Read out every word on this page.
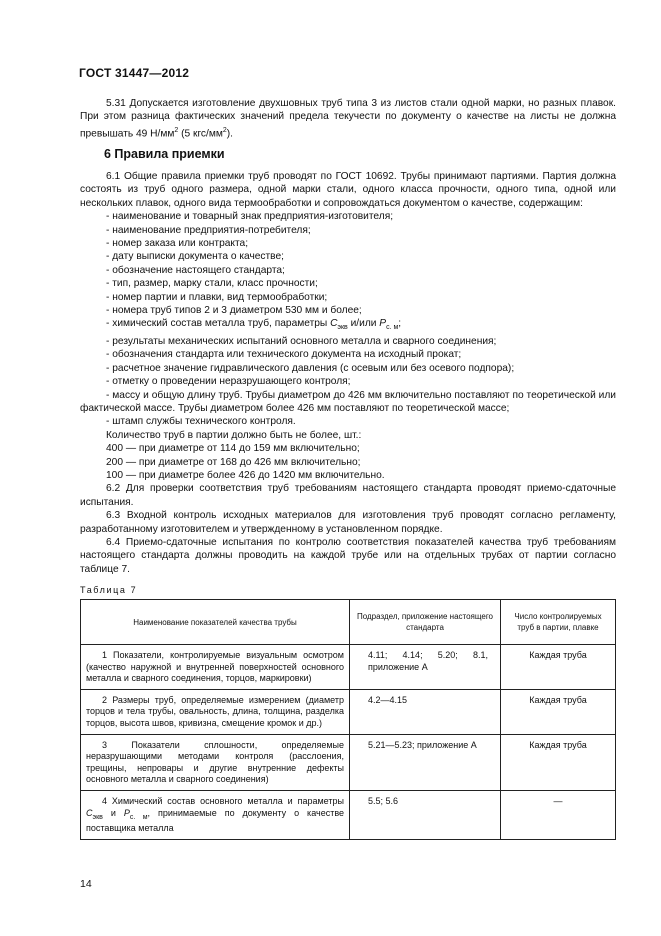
ГОСТ 31447—2012

5.31 Допускается изготовление двухшовных труб типа 3 из листов стали одной марки, но разных плавок. При этом разница фактических значений предела текучести по документу о качестве на листы не должна превышать 49 $Н/мм^2$ (5 кгс/$мм^2$).

6 Правила приемки

6.1 Общие правила приемки труб проводят по ГОСТ 10692. Трубы принимают партиями. Партия должна состоять из труб одного размера, одной марки стали, одного класса прочности, одного типа, одной или нескольких плавок, одного вида термообработки и сопровождаться документом о качестве, содержащим:

- наименование и товарный знак предприятия-изготовителя;

- наименование предприятия-потребителя;

- номер заказа или контракта;

- дату выписки документа о качестве;

- обозначение настоящего стандарта;

- тип, размер, марку стали, класс прочности;

- номер партии и плавки, вид термообработки;

- номера труб типов 2 и 3 диаметром 530 мм и более;

- химический состав металла труб, параметры $C_{экв}$ и/или $P_{с. м}$;

- результаты механических испытаний основного металла и сварного соединения;

- обозначения стандарта или технического документа на исходный прокат;

- расчетное значение гидравлического давления (с осевым или без осевого подпора);

- отметку о проведении неразрушающего контроля;

- массу и общую длину труб. Трубы диаметром до 426 мм включительно поставляют по теоретической или фактической массе. Трубы диаметром более 426 мм поставляют по теоретической массе;

- штамп службы технического контроля.

Количество труб в партии должно быть не более, шт.:

400 — при диаметре от 114 до 159 мм включительно;

200 — при диаметре от 168 до 426 мм включительно;

100 — при диаметре более 426 до 1420 мм включительно.

6.2 Для проверки соответствия труб требованиям настоящего стандарта проводят приемо-сдаточные испытания.

6.3 Входной контроль исходных материалов для изготовления труб проводят согласно регламенту, разработанному изготовителем и утвержденному в установленном порядке.

6.4 Приемо-сдаточные испытания по контролю соответствия показателей качества труб требованиям настоящего стандарта должны проводить на каждой трубе или на отдельных трубах от партии согласно таблице 7.

Таблица 7
Наименование показателей качества трубы	Подраздел, приложение настоящего стандарта	Число контролируемых труб в партии, плавке

1 Показатели, контролируемые визуальным осмотром (качество наружной и внутренней поверхностей основного металла и сварного соединения, торцов, маркировки)	4.11; 4.14; 5.20; 8.1, приложение А	Каждая труба

2 Размеры труб, определяемые измерением (диаметр торцов и тела трубы, овальность, длина, толщина, разделка торцов, высота швов, кривизна, смещение кромок и др.)	4.2—4.15	Каждая труба

3 Показатели сплошности, определяемые неразрушающими методами контроля (расслоения, трещины, непровары и другие внутренние дефекты основного металла и сварного соединения)	5.21—5.23; приложение А	Каждая труба

4 Химический состав основного металла и параметры $C_{экв}$ и $P_{с. м}$, принимаемые по документу о качестве поставщика металла	5.5; 5.6	—
14
